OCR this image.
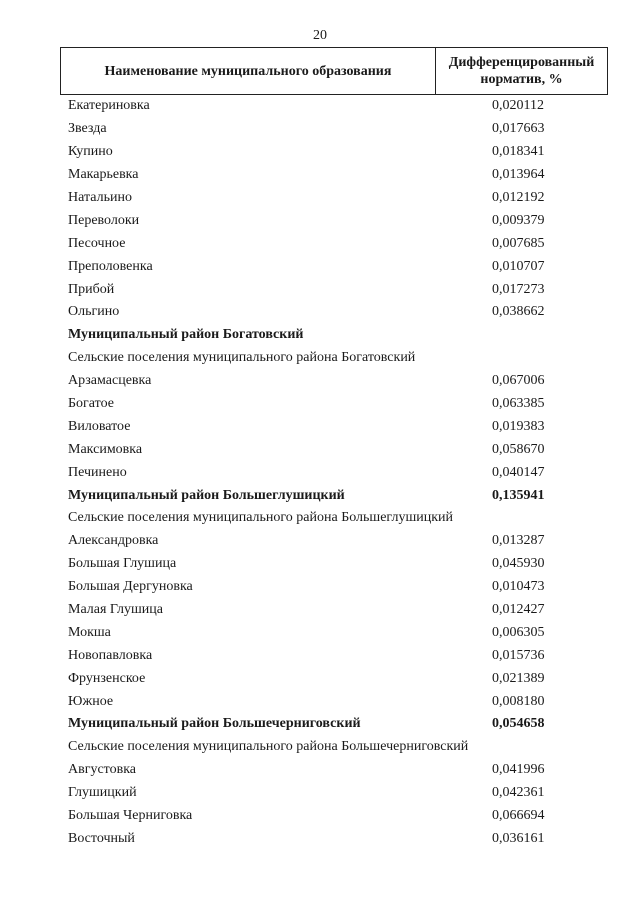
20
Наименование муниципального образования	Дифференцированный норматив, %
Екатериновка	0,020112
Звезда	0,017663
Купино	0,018341
Макарьевка	0,013964
Натальино	0,012192
Переволоки	0,009379
Песочное	0,007685
Преполовенка	0,010707
Прибой	0,017273
Ольгино	0,038662
Муниципальный район Богатовский
Сельские поселения муниципального района Богатовский
Арзамасцевка	0,067006
Богатое	0,063385
Виловатое	0,019383
Максимовка	0,058670
Печинено	0,040147
Муниципальный район Большеглушицкий	0,135941
Сельские поселения муниципального района Большеглушицкий
Александровка	0,013287
Большая Глушица	0,045930
Большая Дергуновка	0,010473
Малая Глушица	0,012427
Мокша	0,006305
Новопавловка	0,015736
Фрунзенское	0,021389
Южное	0,008180
Муниципальный район Большечерниговский	0,054658
Сельские поселения муниципального района Большечерниговский
Августовка	0,041996
Глушицкий	0,042361
Большая Черниговка	0,066694
Восточный	0,036161
